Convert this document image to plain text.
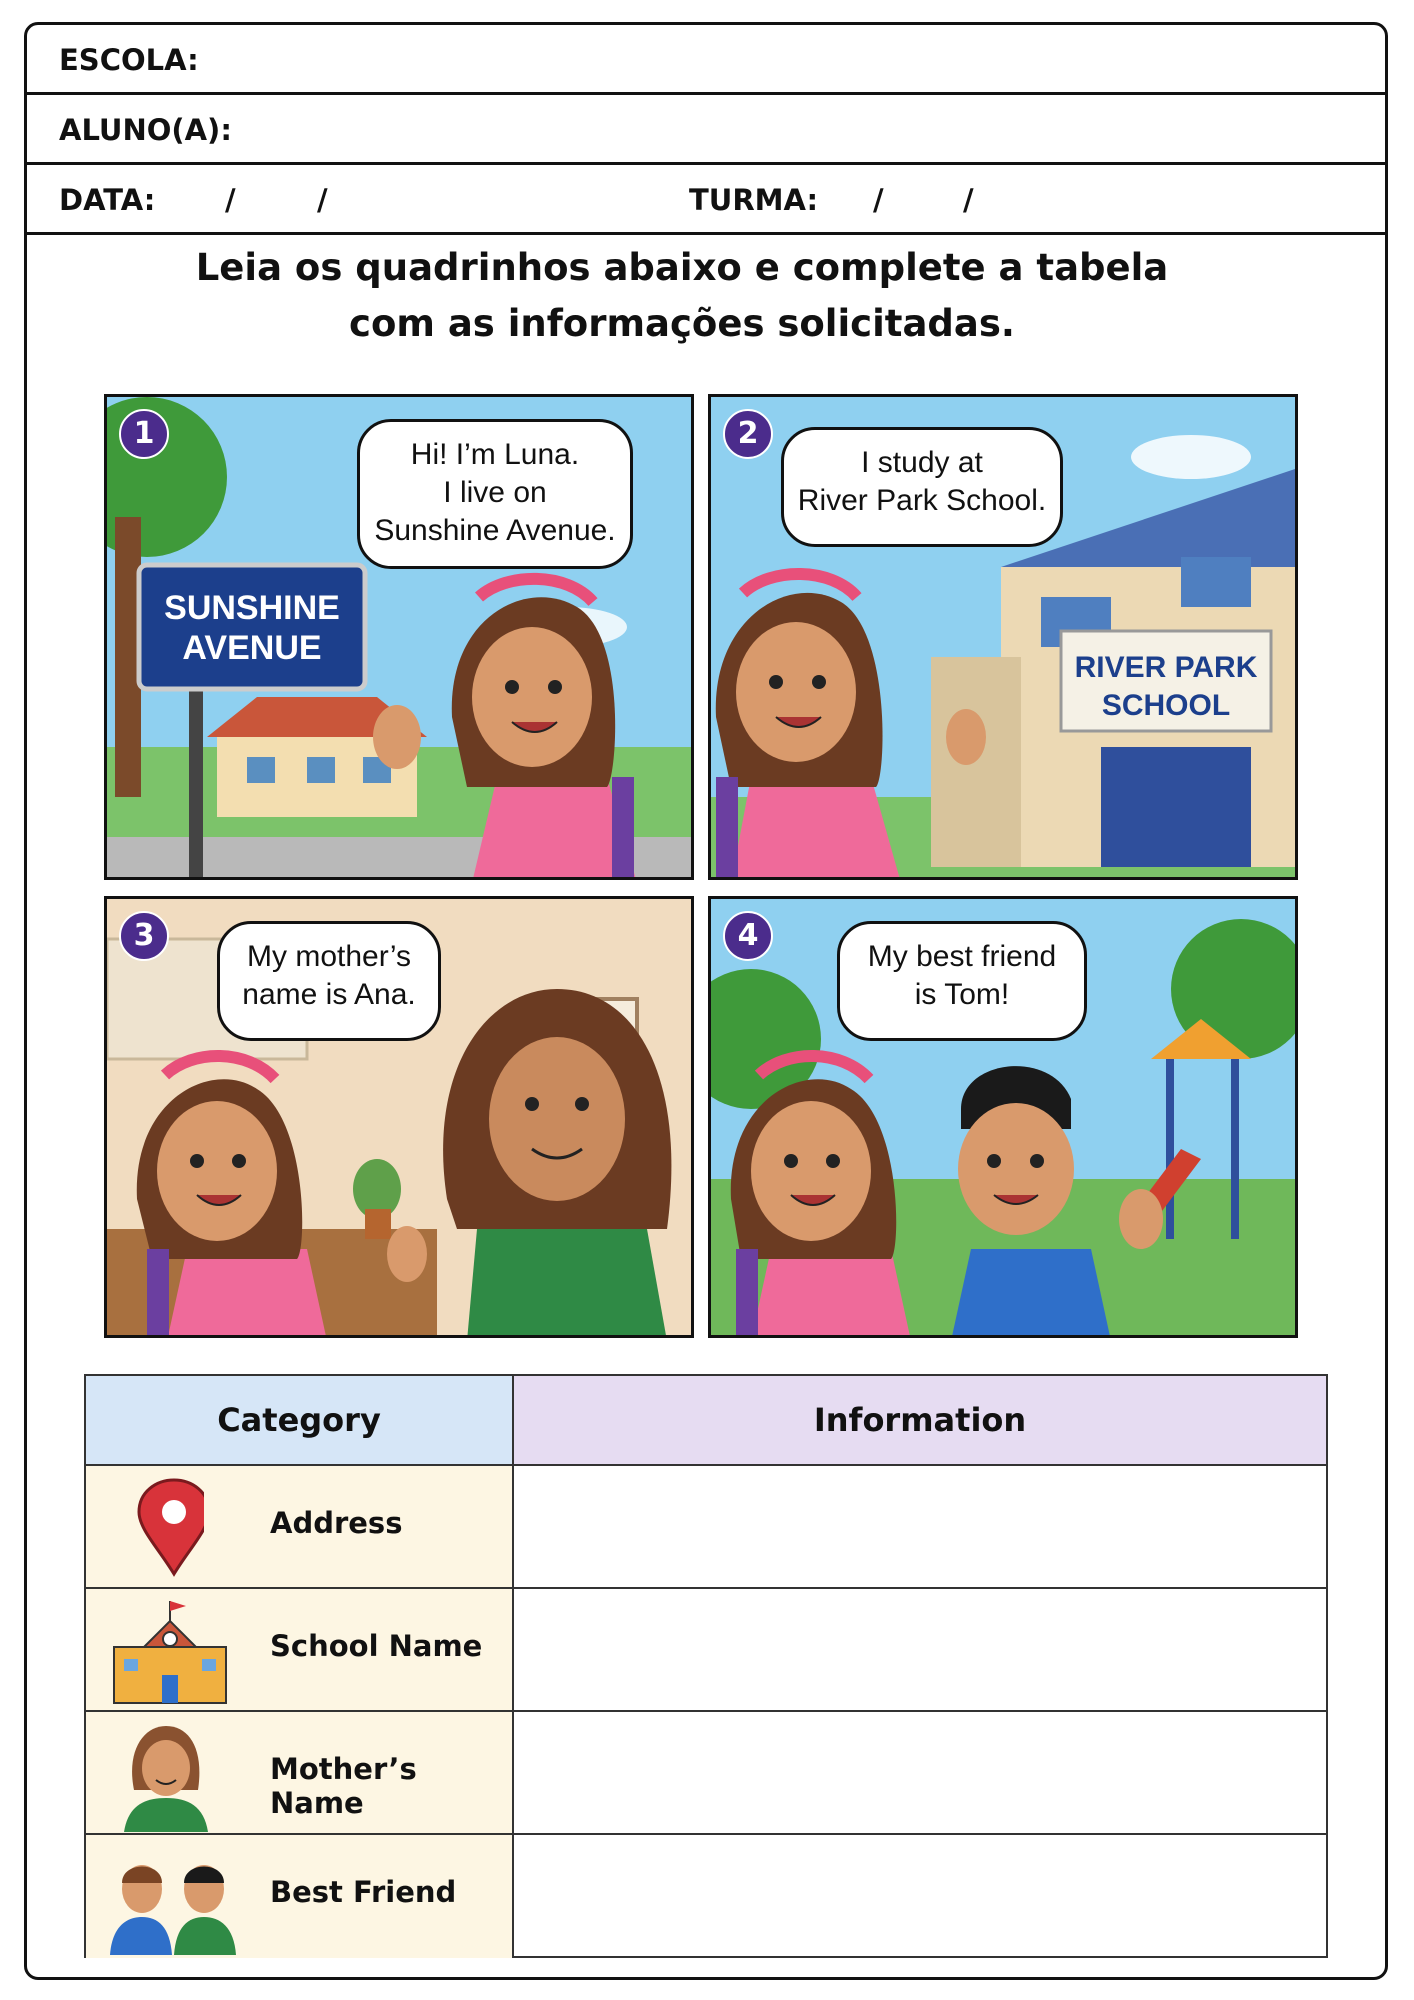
ESCOLA:
ALUNO(A):
DATA: /	/	TURMA: /	/
Leia os quadrinhos abaixo e complete a tabela com as informações solicitadas.
SUNSHINE
AVENUE
1
Hi! I’m Luna.
I live on
Sunshine Avenue.
RIVER PARK
SCHOOL
2
I study at
River Park School.
3
My mother’s
name is Ana.
4
My best friend
is Tom!
Category	Information
Address
School Name
Mother’s Name
Best Friend
